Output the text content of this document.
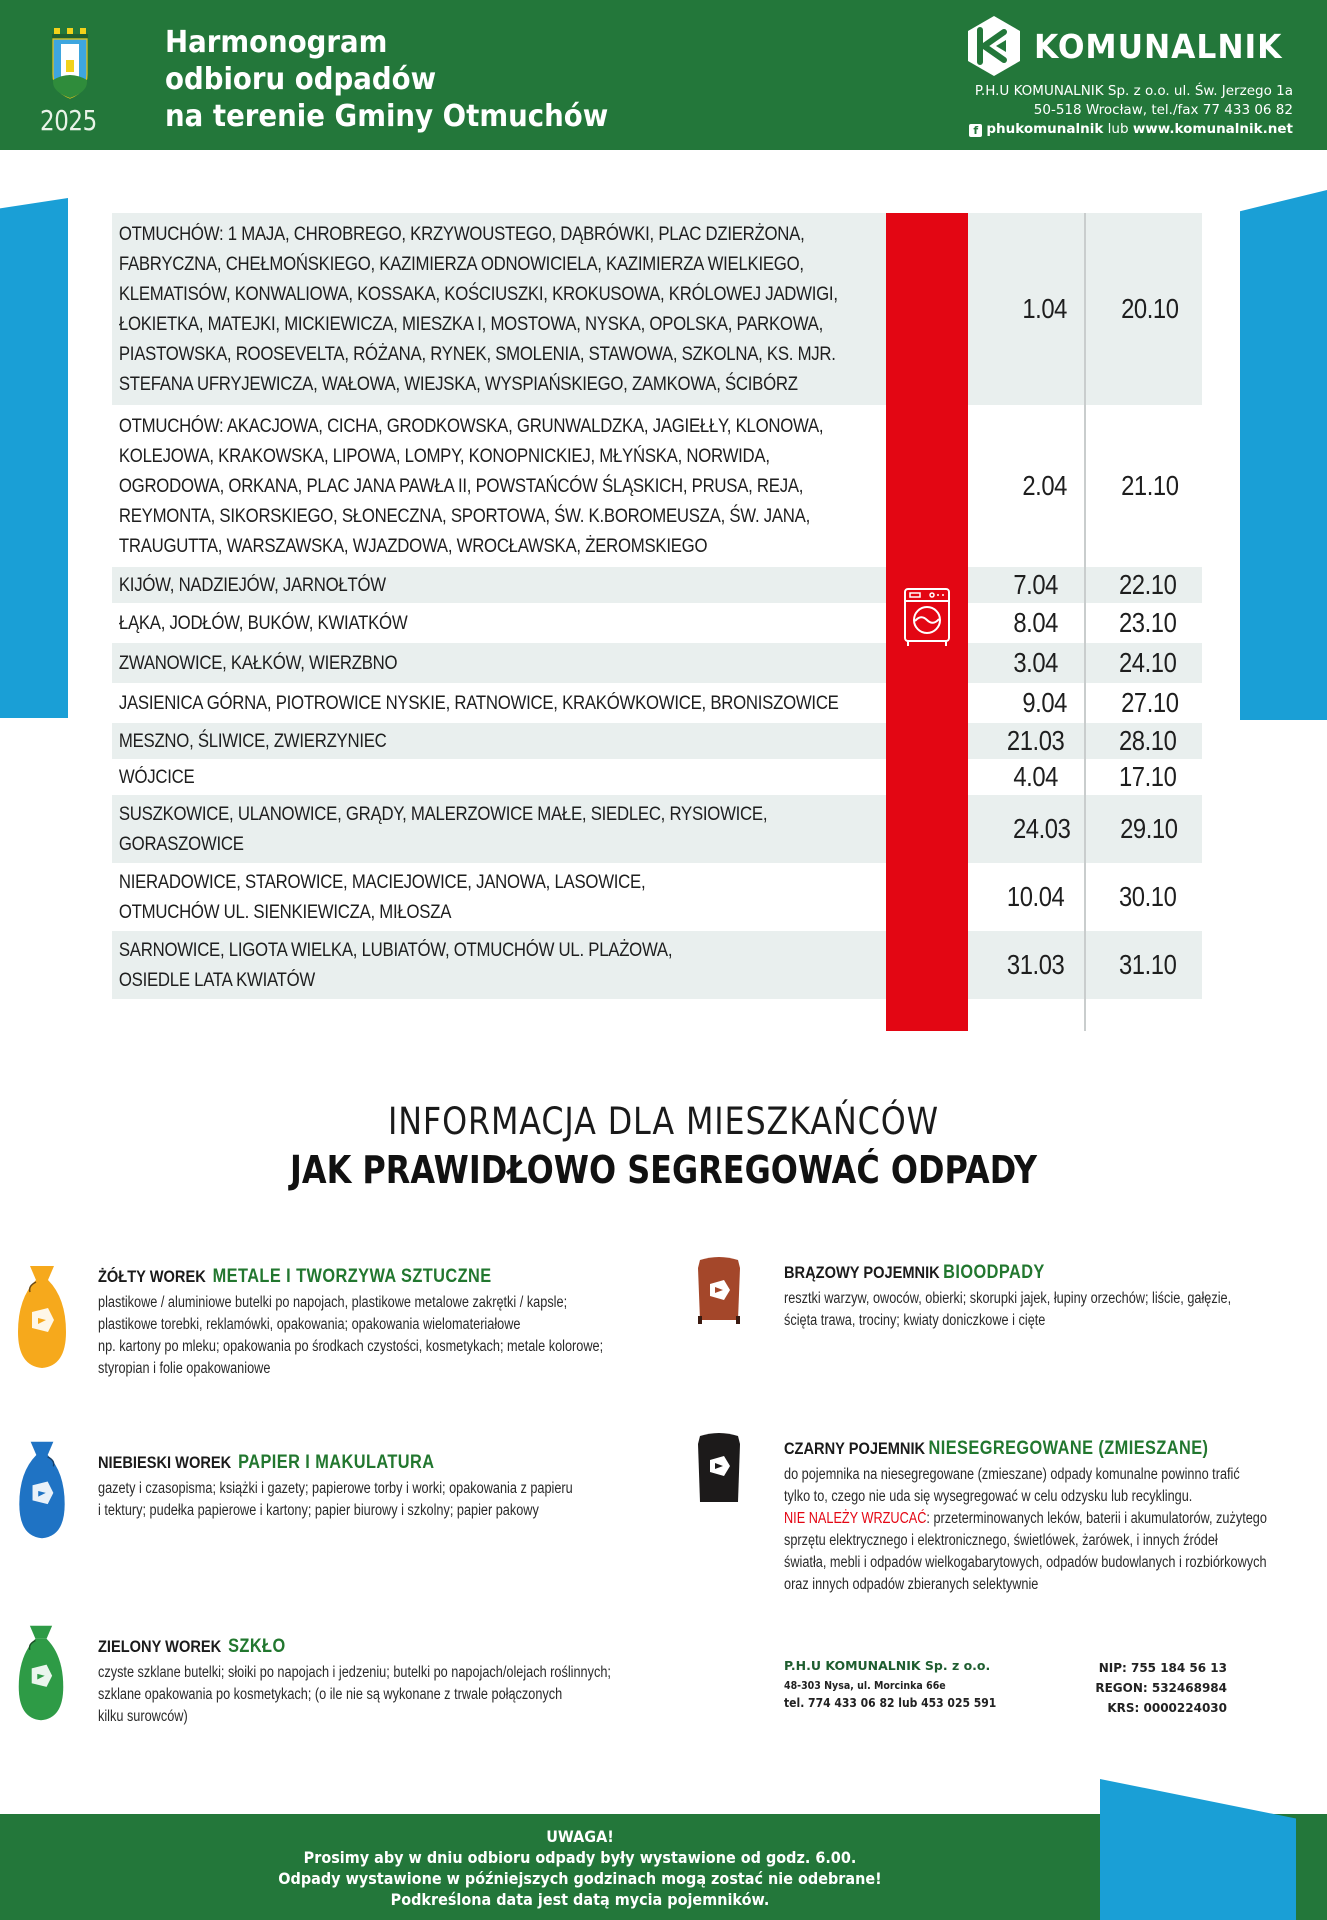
2025
Harmonogram
odbioru odpadów
na terenie Gminy Otmuchów
KOMUNALNIK
P.H.U KOMUNALNIK Sp. z o.o. ul. Św. Jerzego 1a
50-518 Wrocław, tel./fax 77 433 06 82
f phukomunalnik lub www.komunalnik.net
OTMUCHÓW: 1 MAJA, CHROBREGO, KRZYWOUSTEGO, DĄBRÓWKI, PLAC DZIERŻONA,
FABRYCZNA, CHEŁMOŃSKIEGO, KAZIMIERZA ODNOWICIELA, KAZIMIERZA WIELKIEGO,
KLEMATISÓW, KONWALIOWA, KOSSAKA, KOŚCIUSZKI, KROKUSOWA, KRÓLOWEJ JADWIGI,
ŁOKIETKA, MATEJKI, MICKIEWICZA, MIESZKA I, MOSTOWA, NYSKA, OPOLSKA, PARKOWA,
PIASTOWSKA, ROOSEVELTA, RÓŻANA, RYNEK, SMOLENIA, STAWOWA, SZKOLNA, KS. MJR.
STEFANA UFRYJEWICZA, WAŁOWA, WIEJSKA, WYSPIAŃSKIEGO, ZAMKOWA, ŚCIBÓRZ
1.04	20.10
OTMUCHÓW: AKACJOWA, CICHA, GRODKOWSKA, GRUNWALDZKA, JAGIEŁŁY, KLONOWA,
KOLEJOWA, KRAKOWSKA, LIPOWA, LOMPY, KONOPNICKIEJ, MŁYŃSKA, NORWIDA,
OGRODOWA, ORKANA, PLAC JANA PAWŁA II, POWSTAŃCÓW ŚLĄSKICH, PRUSA, REJA,
REYMONTA, SIKORSKIEGO, SŁONECZNA, SPORTOWA, ŚW. K.BOROMEUSZA, ŚW. JANA,
TRAUGUTTA, WARSZAWSKA, WJAZDOWA, WROCŁAWSKA, ŻEROMSKIEGO
2.04	21.10
KIJÓW, NADZIEJÓW, JARNOŁTÓW	7.04	22.10
ŁĄKA, JODŁÓW, BUKÓW, KWIATKÓW	8.04	23.10
ZWANOWICE, KAŁKÓW, WIERZBNO	3.04	24.10
JASIENICA GÓRNA, PIOTROWICE NYSKIE, RATNOWICE, KRAKÓWKOWICE, BRONISZOWICE	9.04	27.10
MESZNO, ŚLIWICE, ZWIERZYNIEC	21.03	28.10
WÓJCICE	4.04	17.10
SUSZKOWICE, ULANOWICE, GRĄDY, MALERZOWICE MAŁE, SIEDLEC, RYSIOWICE,
GORASZOWICE	24.03	29.10
NIERADOWICE, STAROWICE, MACIEJOWICE, JANOWA, LASOWICE,
OTMUCHÓW UL. SIENKIEWICZA, MIŁOSZA	10.04	30.10
SARNOWICE, LIGOTA WIELKA, LUBIATÓW, OTMUCHÓW UL. PLAŻOWA,
OSIEDLE LATA KWIATÓW	31.03	31.10
INFORMACJA DLA MIESZKAŃCÓW
JAK PRAWIDŁOWO SEGREGOWAĆ ODPADY
ŻÓŁTY WOREK METALE I TWORZYWA SZTUCZNE
plastikowe / aluminiowe butelki po napojach, plastikowe metalowe zakrętki / kapsle;
plastikowe torebki, reklamówki, opakowania; opakowania wielomateriałowe
np. kartony po mleku; opakowania po środkach czystości, kosmetykach; metale kolorowe;
styropian i folie opakowaniowe
NIEBIESKI WOREK PAPIER I MAKULATURA
gazety i czasopisma; książki i gazety; papierowe torby i worki; opakowania z papieru
i tektury; pudełka papierowe i kartony; papier biurowy i szkolny; papier pakowy
ZIELONY WOREK SZKŁO
czyste szklane butelki; słoiki po napojach i jedzeniu; butelki po napojach/olejach roślinnych;
szklane opakowania po kosmetykach; (o ile nie są wykonane z trwale połączonych
kilku surowców)
BRĄZOWY POJEMNIK BIOODPADY
resztki warzyw, owoców, obierki; skorupki jajek, łupiny orzechów; liście, gałęzie,
ścięta trawa, trociny; kwiaty doniczkowe i cięte
CZARNY POJEMNIK NIESEGREGOWANE (ZMIESZANE)
do pojemnika na niesegregowane (zmieszane) odpady komunalne powinno trafić
tylko to, czego nie uda się wysegregować w celu odzysku lub recyklingu.
NIE NALEŻY WRZUCAĆ: przeterminowanych leków, baterii i akumulatorów, zużytego
sprzętu elektrycznego i elektronicznego, świetlówek, żarówek, i innych źródeł
światła, mebli i odpadów wielkogabarytowych, odpadów budowlanych i rozbiórkowych
oraz innych odpadów zbieranych selektywnie
P.H.U KOMUNALNIK Sp. z o.o.
48-303 Nysa, ul. Morcinka 66e
tel. 774 433 06 82 lub 453 025 591
NIP: 755 184 56 13
REGON: 532468984
KRS: 0000224030
UWAGA!
Prosimy aby w dniu odbioru odpady były wystawione od godz. 6.00.
Odpady wystawione w późniejszych godzinach mogą zostać nie odebrane!
Podkreślona data jest datą mycia pojemników.
